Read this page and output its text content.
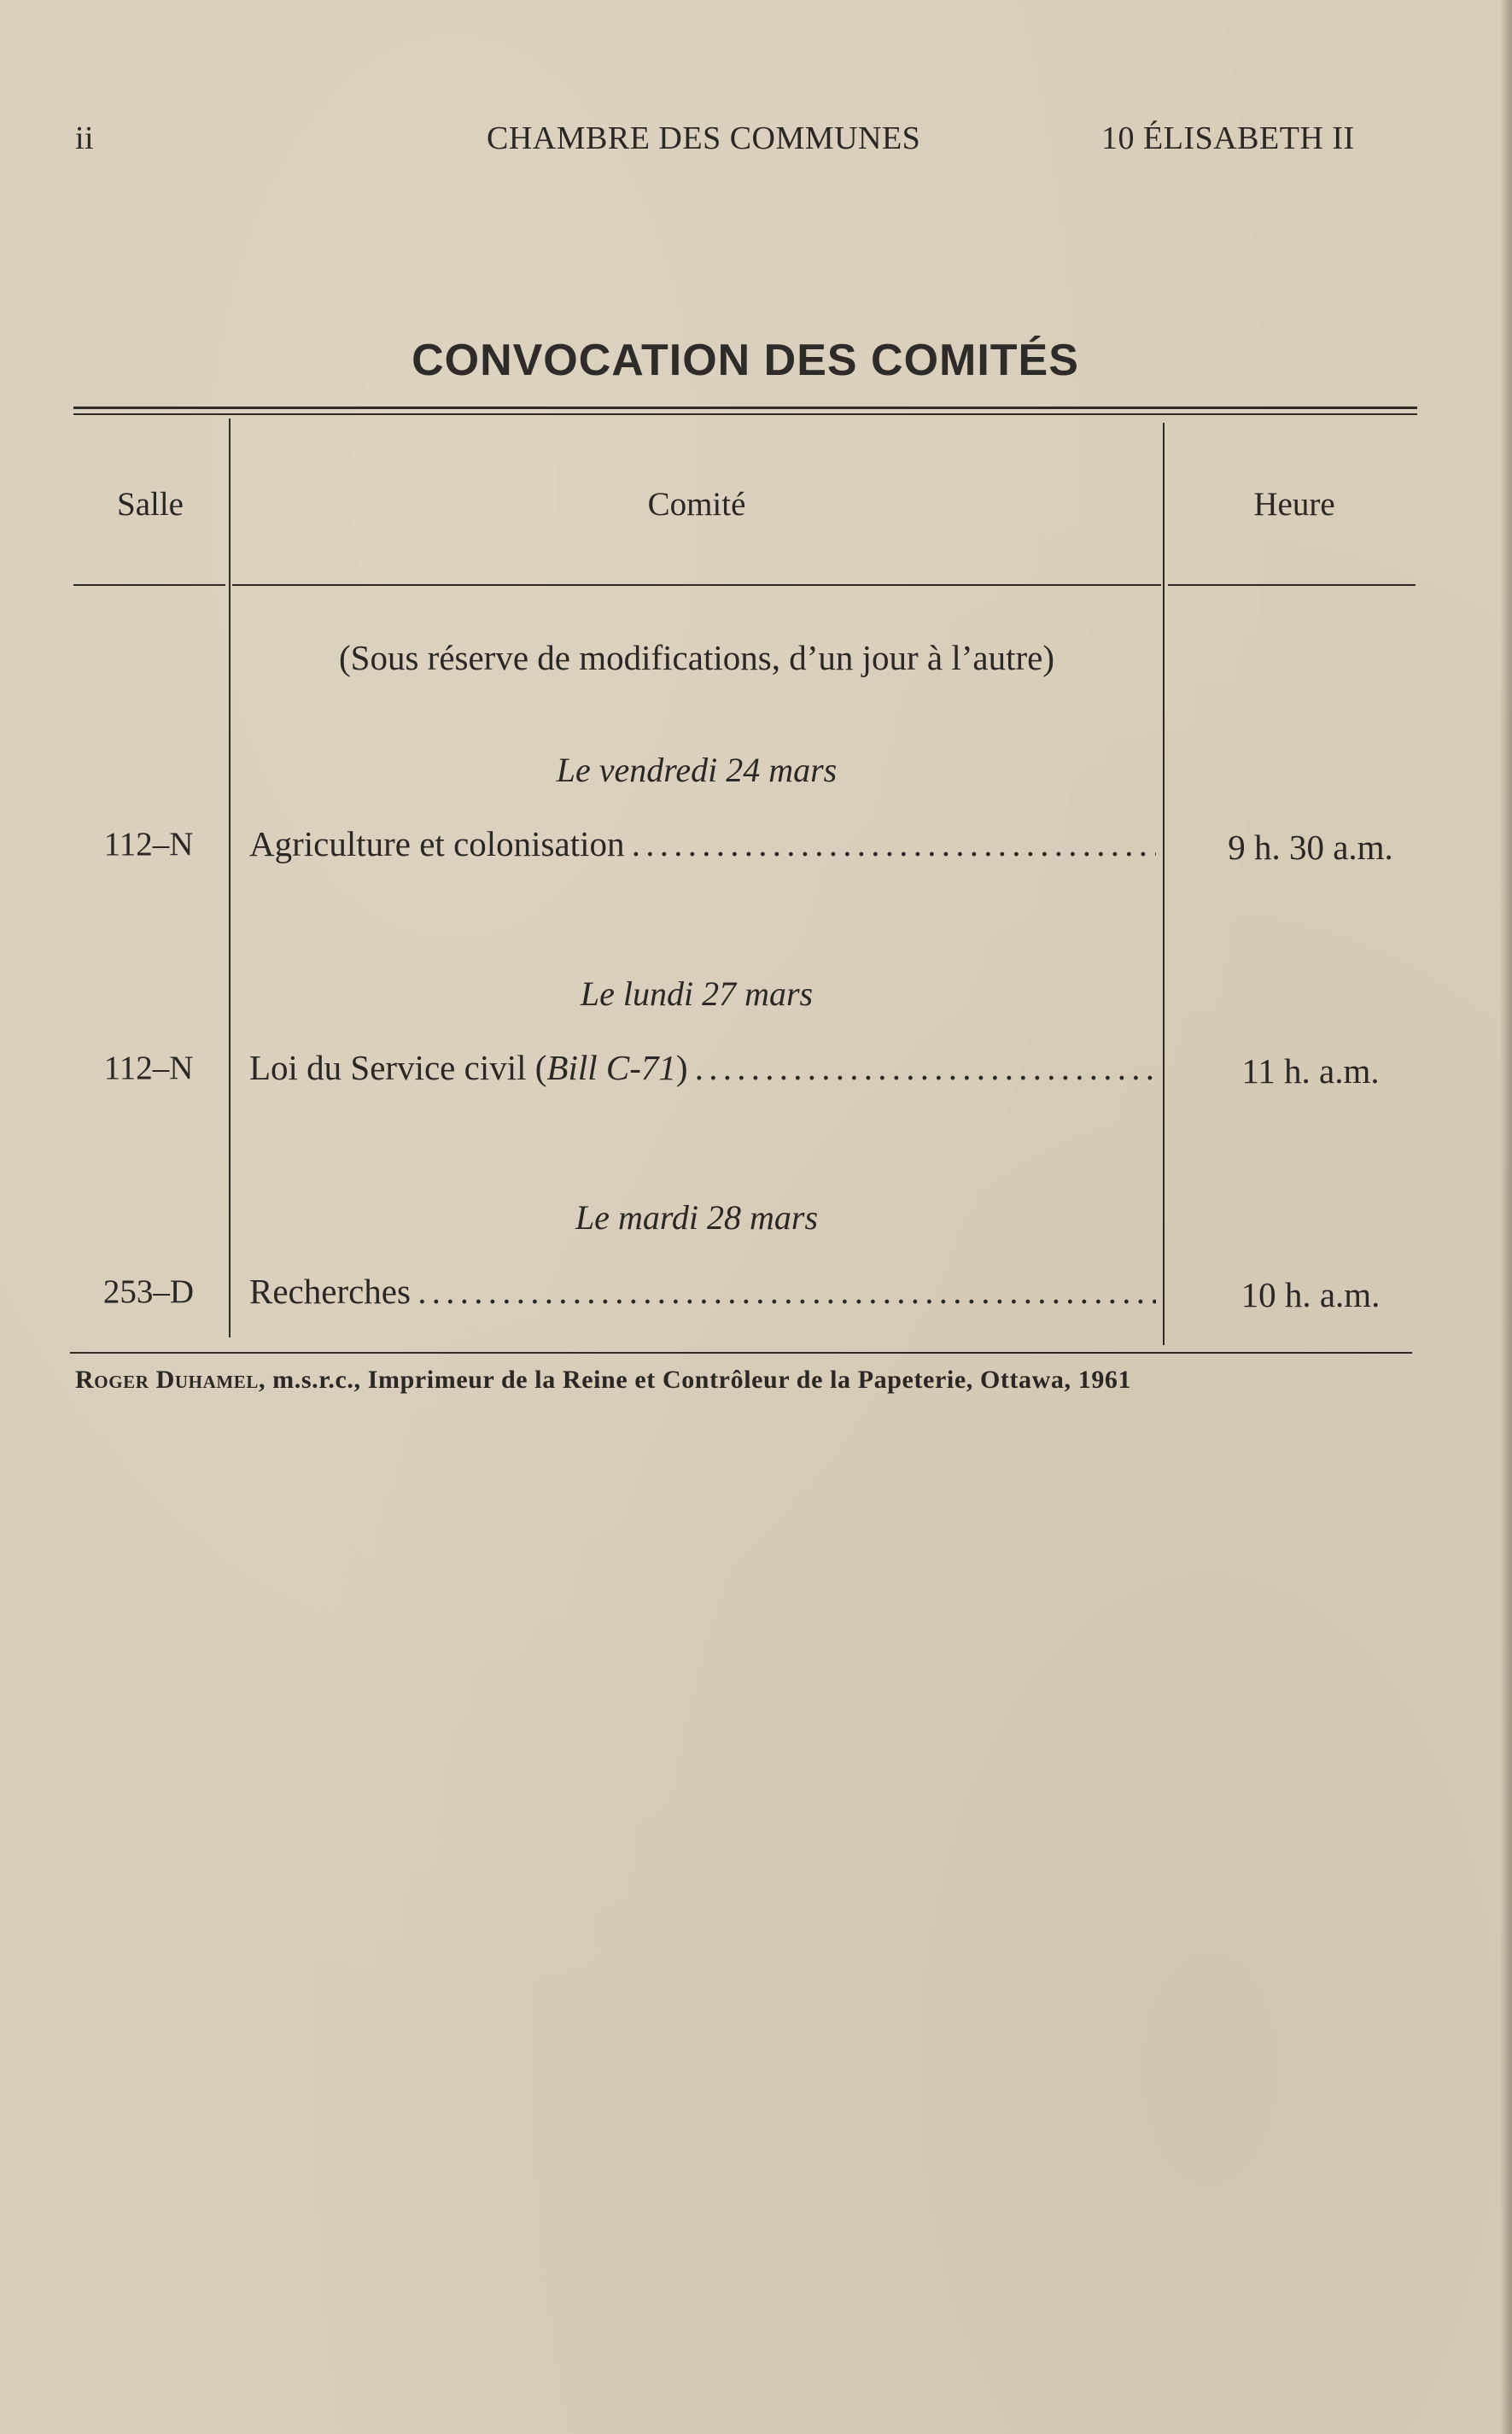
ii	CHAMBRE DES COMMUNES	10 ÉLISABETH II
CONVOCATION DES COMITÉS
Salle	Comité	Heure
(Sous réserve de modifications, d’un jour à l’autre)
Le vendredi 24 mars
112–N	Agriculture et colonisation . . .	9 h. 30 a.m.
Le lundi 27 mars
112–N	Loi du Service civil (Bill C-71) . . .	11 h. a.m.
Le mardi 28 mars
253–D	Recherches . . .	10 h. a.m.
Roger Duhamel, m.s.r.c., Imprimeur de la Reine et Contrôleur de la Papeterie, Ottawa, 1961
